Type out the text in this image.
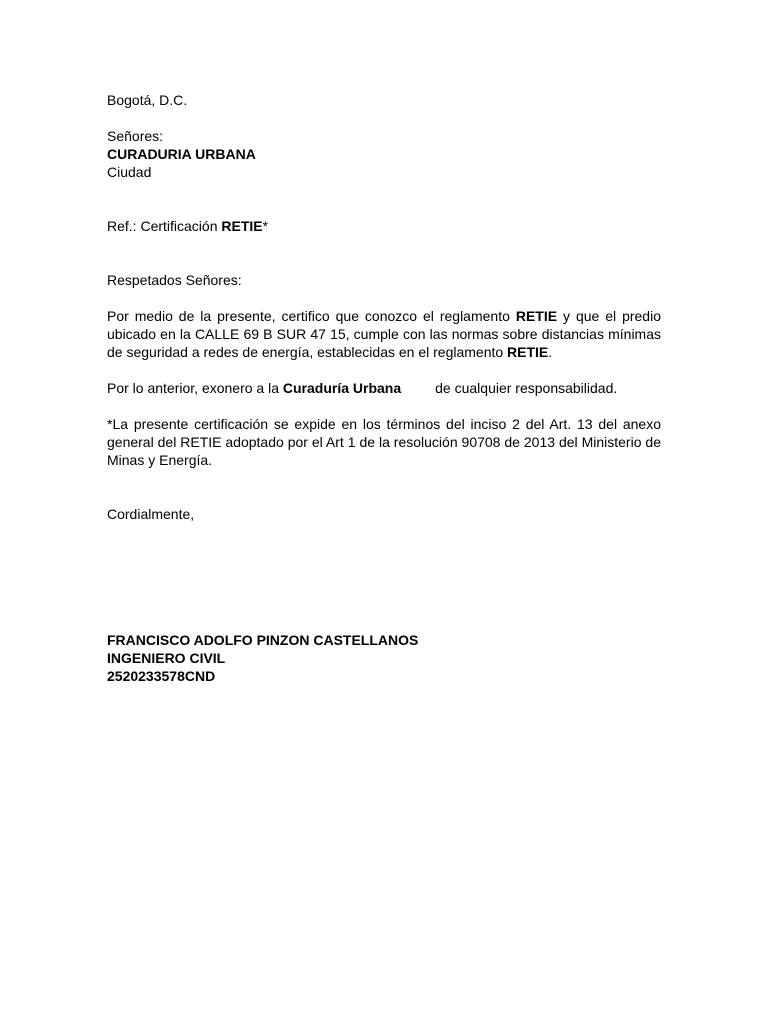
Bogotá, D.C.
Señores:
CURADURIA URBANA
Ciudad
Ref.: Certificación RETIE*
Respetados Señores:

Por medio de la presente, certifico que conozco el reglamento RETIE y que el predio ubicado en la CALLE 69 B SUR 47 15, cumple con las normas sobre distancias mínimas de seguridad a redes de energía, establecidas en el reglamento RETIE.

Por lo anterior, exonero a la Curaduría Urbana de cualquier responsabilidad.

*La presente certificación se expide en los términos del inciso 2 del Art. 13 del anexo general del RETIE adoptado por el Art 1 de la resolución 90708 de 2013 del Ministerio de Minas y Energía.

Cordialmente,
FRANCISCO ADOLFO PINZON CASTELLANOS
INGENIERO CIVIL
2520233578CND
